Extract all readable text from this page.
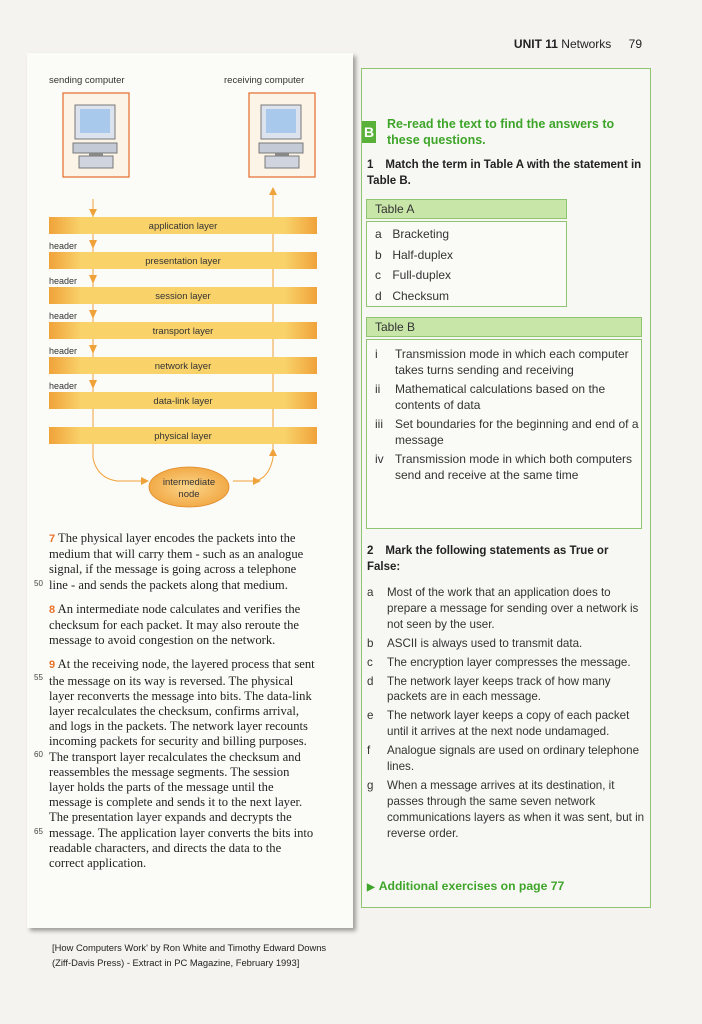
UNIT 11 Networks 79
sending computer	receiving computer
application layer
presentation layer
session layer
transport layer
network layer
data-link layer
physical layer
header
header
header
header
header
intermediate
node
50
55
60
65

7 The physical layer encodes the packets into the medium that will carry them - such as an analogue signal, if the message is going across a telephone line - and sends the packets along that medium.

8 An intermediate node calculates and verifies the checksum for each packet. It may also reroute the message to avoid congestion on the network.

9 At the receiving node, the layered process that sent the message on its way is reversed. The physical layer reconverts the message into bits. The data-link layer recalculates the checksum, confirms arrival, and logs in the packets. The network layer recounts incoming packets for security and billing purposes. The transport layer recalculates the checksum and reassembles the message segments. The session layer holds the parts of the message until the message is complete and sends it to the next layer. The presentation layer expands and decrypts the message. The application layer converts the bits into readable characters, and directs the data to the correct application.

[How Computers Work' by Ron White and Timothy Edward Downs
(Ziff-Davis Press) - Extract in PC Magazine, February 1993]
B Re-read the text to find the answers to these questions.
1 Match the term in Table A with the statement in Table B.
Table A
a Bracketing
b Half-duplex
c Full-duplex
d Checksum
Table B
i Transmission mode in which each computer takes turns sending and receiving
ii Mathematical calculations based on the contents of data
iii Set boundaries for the beginning and end of a message
iv Transmission mode in which both computers send and receive at the same time
2 Mark the following statements as True or False:
a Most of the work that an application does to prepare a message for sending over a network is not seen by the user.
b ASCII is always used to transmit data.
c The encryption layer compresses the message.
d The network layer keeps track of how many packets are in each message.
e The network layer keeps a copy of each packet until it arrives at the next node undamaged.
f Analogue signals are used on ordinary telephone lines.
g When a message arrives at its destination, it passes through the same seven network communications layers as when it was sent, but in reverse order.
▶ Additional exercises on page 77
